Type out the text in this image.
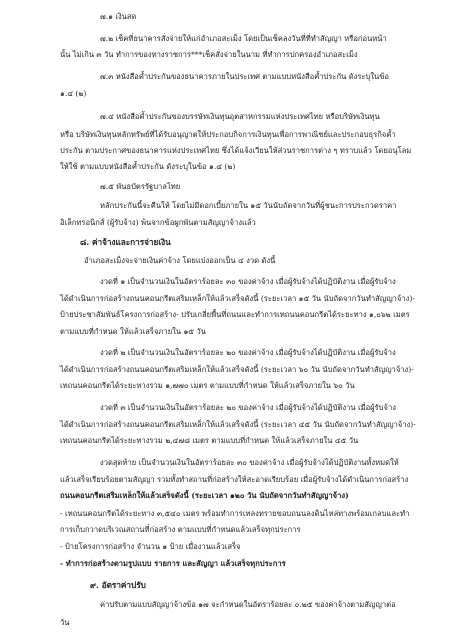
๗.๑ เงินสด
๗.๒ เช็คที่ธนาคารสั่งจ่ายให้แก่อำเภอสะเม็ง โดยเป็นเช็คลงวันที่ที่ทำสัญญา หรือก่อนหน้า
นั้น ไม่เกิน ๓ วัน ทำการของทางราชการ***เช็คสั่งจ่ายในนาม ที่ทำการปกครองอำเภอสะเม็ง
๗.๓ หนังสือค้ำประกันของธนาคารภายในประเทศ ตามแบบหนังสือค้ำประกัน ดังระบุในข้อ
๑.๔ (๒)
๗.๔ หนังสือค้ำประกันของบรรษัทเงินทุนอุตสาหกรรมแห่งประเทศไทย หรือบริษัทเงินทุน
หรือ บริษัทเงินทุนหลักทรัพย์ที่ได้รับอนุญาตให้ประกอบกิจการเงินทุนเพื่อการพาณิชย์และประกอบธุรกิจค้ำ
ประกัน ตามประกาศของธนาคารแห่งประเทศไทย ซึ่งได้แจ้งเวียนให้ส่วนราชการต่าง ๆ ทราบแล้ว โดยอนุโลม
ให้ใช้ ตามแบบหนังสือค้ำประกัน ดังระบุในข้อ ๑.๔ (๒)
๗.๕ พันธบัตรรัฐบาลไทย
หลักประกันนี้จะคืนให้ โดยไม่มีดอกเบี้ยภายใน ๑๕ วันนับถัดจากวันที่ผู้ชนะการประกวดราคา
อิเล็กทรอนิกส์ (ผู้รับจ้าง) พ้นจากข้อผูกพันตามสัญญาจ้างแล้ว
๘. ค่าจ้างและการจ่ายเงิน
อำเภอสะเม็งจะจ่ายเงินค่าจ้าง โดยแบ่งออกเป็น ๔ งวด ดังนี้
งวดที่ ๑ เป็นจำนวนเงินในอัตราร้อยละ ๓๐ ของค่าจ้าง เมื่อผู้รับจ้างได้ปฏิบัติงาน เมื่อผู้รับจ้าง
ได้ดำเนินการก่อสร้างถนนคอนกรีตเสริมเหล็กให้แล้วเสร็จดังนี้ (ระยะเวลา ๑๕ วัน นับถัดจากวันทำสัญญาจ้าง)-
ป้ายประชาสัมพันธ์โครงการก่อสร้าง- ปรับเกลี่ยพื้นที่ถนนและทำการเทถนนคอนกรีตได้ระยะทาง ๑,๐๖๒ เมตร
ตามแบบที่กำหนด ให้แล้วเสร็จภายใน ๑๕ วัน
งวดที่ ๒ เป็นจำนวนเงินในอัตราร้อยละ ๒๐ ของค่าจ้าง เมื่อผู้รับจ้างได้ปฏิบัติงาน เมื่อผู้รับจ้าง
ได้ดำเนินการก่อสร้างถนนคอนกรีตเสริมเหล็กให้แล้วเสร็จดังนี้ (ระยะเวลา ๖๐ วัน นับถัดจากวันทำสัญญาจ้าง)-
เทถนนคอนกรีตได้ระยะทางรวม ๑,๗๗๐ เมตร ตามแบบที่กำหนด ให้แล้วเสร็จภายใน ๖๐ วัน
งวดที่ ๓ เป็นจำนวนเงินในอัตราร้อยละ ๒๐ ของค่าจ้าง เมื่อผู้รับจ้างได้ปฏิบัติงาน เมื่อผู้รับจ้าง
ได้ดำเนินการก่อสร้างถนนคอนกรีตเสริมเหล็กให้แล้วเสร็จดังนี้ (ระยะเวลา ๔๕ วัน นับถัดจากวันทำสัญญาจ้าง)-
เทถนนคอนกรีตได้ระยะทางรวม ๒,๔๗๘ เมตร ตามแบบที่กำหนด ให้แล้วเสร็จภายใน ๔๕ วัน
งวดสุดท้าย เป็นจำนวนเงินในอัตราร้อยละ ๓๐ ของค่าจ้าง เมื่อผู้รับจ้างได้ปฏิบัติงานทั้งหมดให้
แล้วเสร็จเรียบร้อยตามสัญญา รวมทั้งทำสถานที่ก่อสร้างให้สะอาดเรียบร้อย เมื่อผู้รับจ้างได้ดำเนินการก่อสร้าง
ถนนคอนกรีตเสริมเหล็กให้แล้วเสร็จดังนี้ (ระยะเวลา ๑๒๐ วัน นับถัดจากวันทำสัญญาจ้าง)
- เทถนนคอนกรีตได้ระยะทาง ๓,๕๔๐ เมตร พร้อมทำการเทลงทรายขอบถนนลงดินไหล่ทางพร้อมเกลบและทำ
การเก็บกวาดบริเวณสถานที่ก่อสร้าง ตามแบบที่กำหนดแล้วเสร็จทุกประการ
- ป้ายโครงการก่อสร้าง จำนวน ๑ ป้าย เมื่องานแล้วเสร็จ
- ทำการก่อสร้างตามรูปแบบ รายการ และสัญญา แล้วเสร็จทุกประการ
๙. อัตราค่าปรับ
ค่าปรับตามแบบสัญญาจ้างข้อ ๑๗ จะกำหนดในอัตราร้อยละ ๐.๒๕ ของค่าจ้างตามสัญญาต่อ
วัน
